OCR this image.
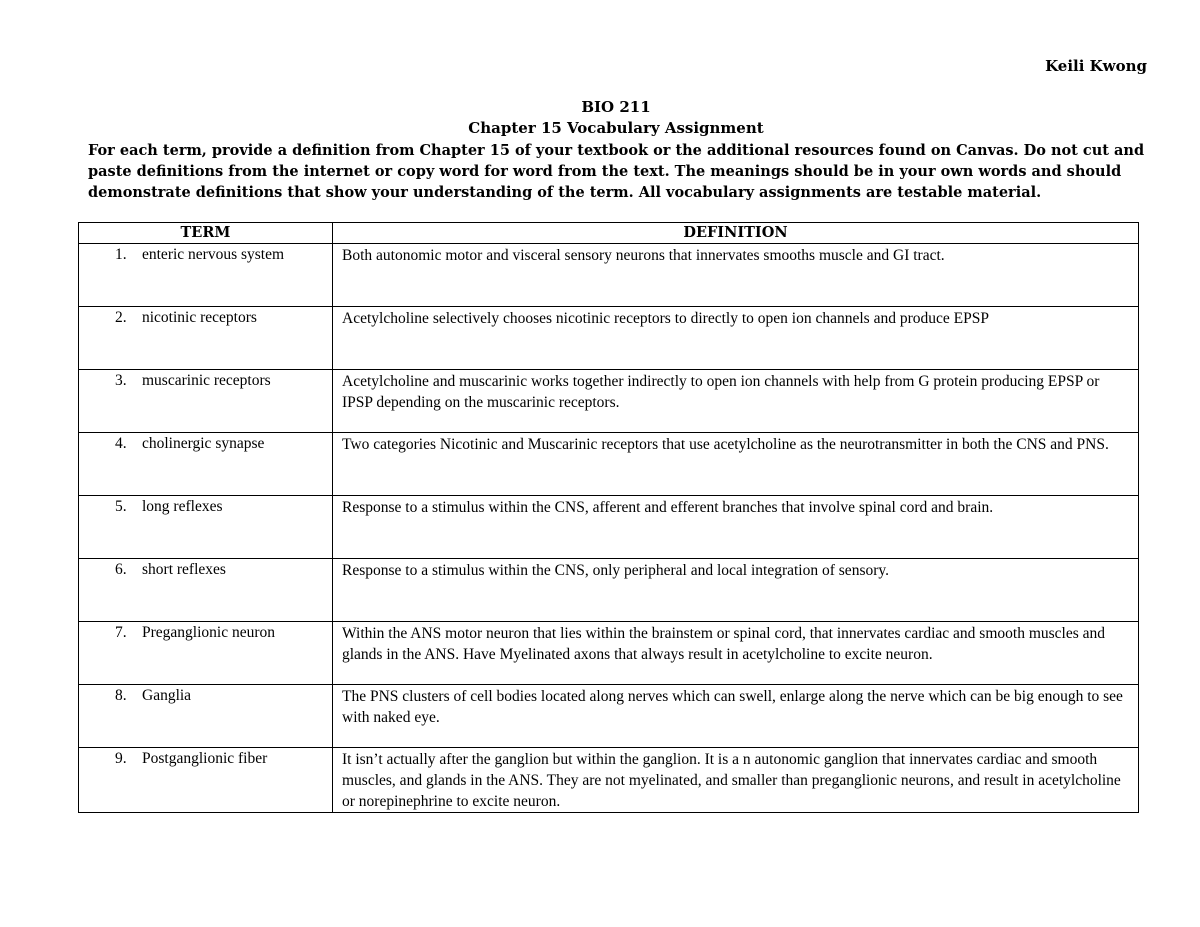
Keili Kwong
BIO 211
Chapter 15 Vocabulary Assignment
For each term, provide a definition from Chapter 15 of your textbook or the additional resources found on Canvas. Do not cut and paste definitions from the internet or copy word for word from the text. The meanings should be in your own words and should demonstrate definitions that show your understanding of the term. All vocabulary assignments are testable material.
TERM	DEFINITION
1. enteric nervous system	Both autonomic motor and visceral sensory neurons that innervates smooths muscle and GI tract.
2. nicotinic receptors	Acetylcholine selectively chooses nicotinic receptors to directly to open ion channels and produce EPSP
3. muscarinic receptors	Acetylcholine and muscarinic works together indirectly to open ion channels with help from G protein producing EPSP or IPSP depending on the muscarinic receptors.
4. cholinergic synapse	Two categories Nicotinic and Muscarinic receptors that use acetylcholine as the neurotransmitter in both the CNS and PNS.
5. long reflexes	Response to a stimulus within the CNS, afferent and efferent branches that involve spinal cord and brain.
6. short reflexes	Response to a stimulus within the CNS, only peripheral and local integration of sensory.
7. Preganglionic neuron	Within the ANS motor neuron that lies within the brainstem or spinal cord, that innervates cardiac and smooth muscles and glands in the ANS. Have Myelinated axons that always result in acetylcholine to excite neuron.
8. Ganglia	The PNS clusters of cell bodies located along nerves which can swell, enlarge along the nerve which can be big enough to see with naked eye.
9. Postganglionic fiber	It isn’t actually after the ganglion but within the ganglion. It is a n autonomic ganglion that innervates cardiac and smooth muscles, and glands in the ANS. They are not myelinated, and smaller than preganglionic neurons, and result in acetylcholine or norepinephrine to excite neuron.
